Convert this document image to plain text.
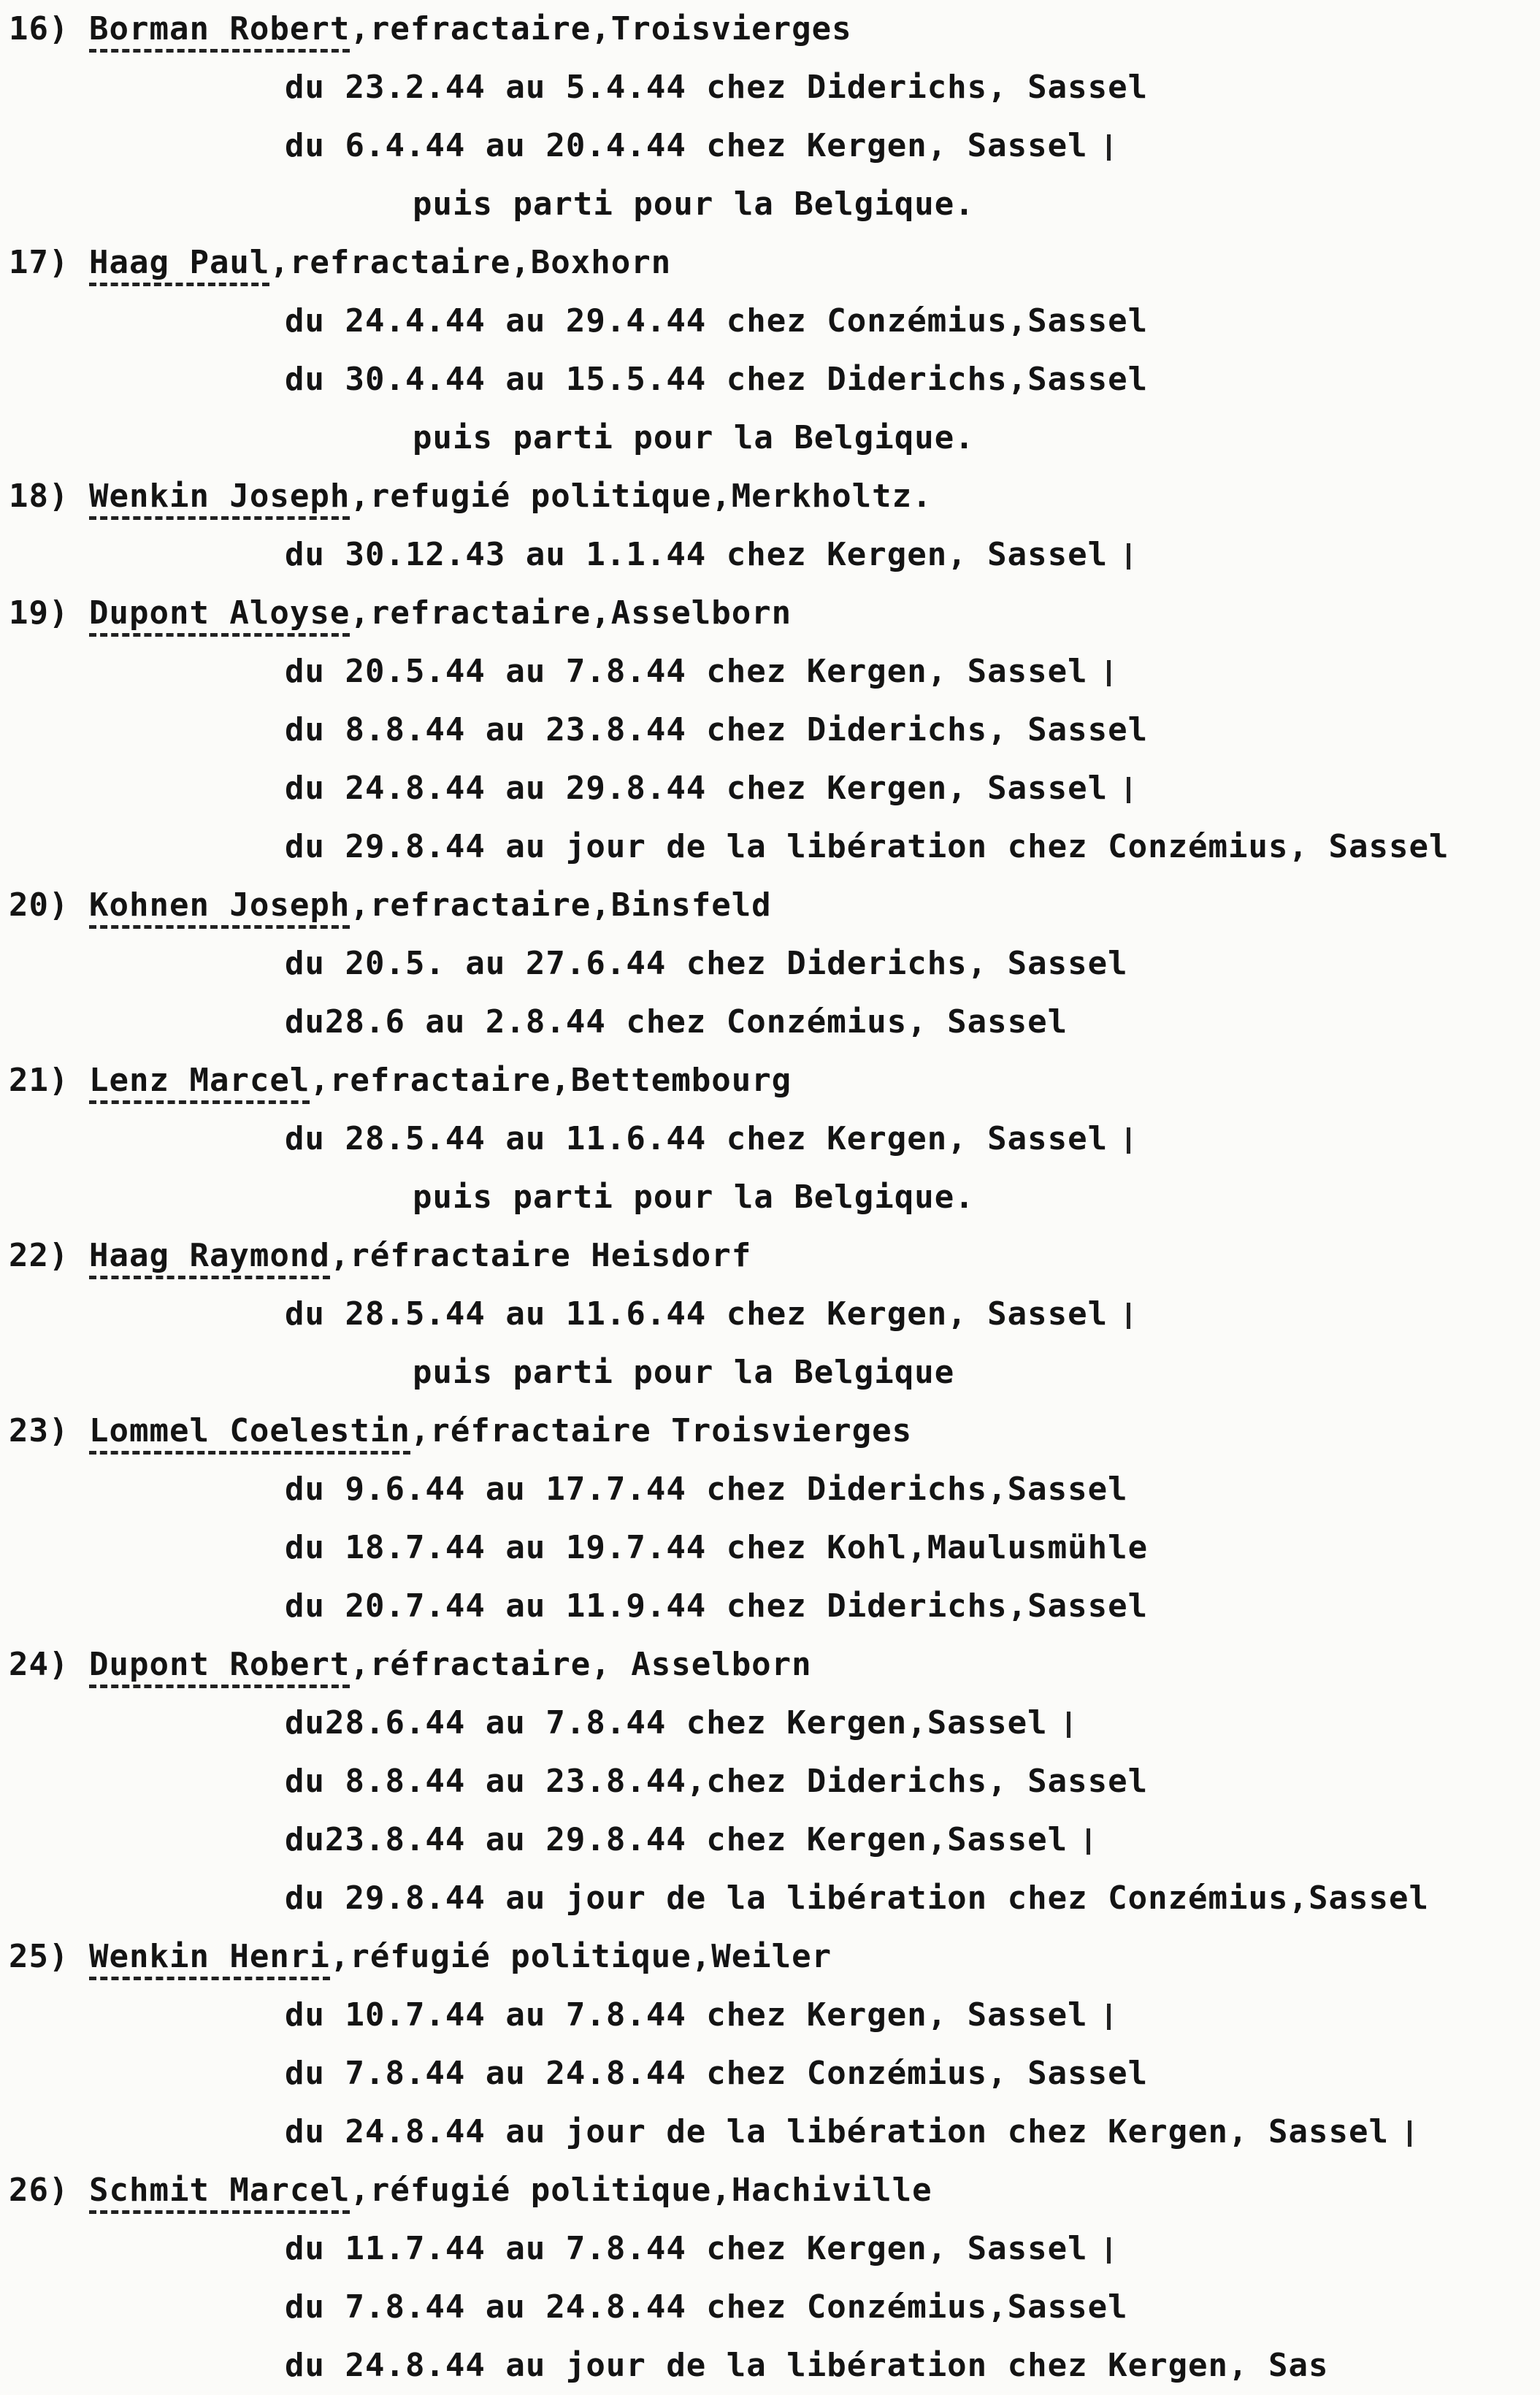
16) Borman Robert,refractaire,Troisvierges
du 23.2.44 au 5.4.44 chez Diderichs, Sassel
du 6.4.44 au 20.4.44 chez Kergen, Sassel
puis parti pour la Belgique.
17) Haag Paul,refractaire,Boxhorn
du 24.4.44 au 29.4.44 chez Conzémius,Sassel
du 30.4.44 au 15.5.44 chez Diderichs,Sassel
puis parti pour la Belgique.
18) Wenkin Joseph,refugié politique,Merkholtz.
du 30.12.43 au 1.1.44 chez Kergen, Sassel
19) Dupont Aloyse,refractaire,Asselborn
du 20.5.44 au 7.8.44 chez Kergen, Sassel
du 8.8.44 au 23.8.44 chez Diderichs, Sassel
du 24.8.44 au 29.8.44 chez Kergen, Sassel
du 29.8.44 au jour de la libération chez Conzémius, Sassel
20) Kohnen Joseph,refractaire,Binsfeld
du 20.5. au 27.6.44 chez Diderichs, Sassel
du28.6 au 2.8.44 chez Conzémius, Sassel
21) Lenz Marcel,refractaire,Bettembourg
du 28.5.44 au 11.6.44 chez Kergen, Sassel
puis parti pour la Belgique.
22) Haag Raymond,réfractaire Heisdorf
du 28.5.44 au 11.6.44 chez Kergen, Sassel
puis parti pour la Belgique
23) Lommel Coelestin,réfractaire Troisvierges
du 9.6.44 au 17.7.44 chez Diderichs,Sassel
du 18.7.44 au 19.7.44 chez Kohl,Maulusmühle
du 20.7.44 au 11.9.44 chez Diderichs,Sassel
24) Dupont Robert,réfractaire, Asselborn
du28.6.44 au 7.8.44 chez Kergen,Sassel
du 8.8.44 au 23.8.44,chez Diderichs, Sassel
du23.8.44 au 29.8.44 chez Kergen,Sassel
du 29.8.44 au jour de la libération chez Conzémius,Sassel
25) Wenkin Henri,réfugié politique,Weiler
du 10.7.44 au 7.8.44 chez Kergen, Sassel
du 7.8.44 au 24.8.44 chez Conzémius, Sassel
du 24.8.44 au jour de la libération chez Kergen, Sassel
26) Schmit Marcel,réfugié politique,Hachiville
du 11.7.44 au 7.8.44 chez Kergen, Sassel
du 7.8.44 au 24.8.44 chez Conzémius,Sassel
du 24.8.44 au jour de la libération chez Kergen, Sas
